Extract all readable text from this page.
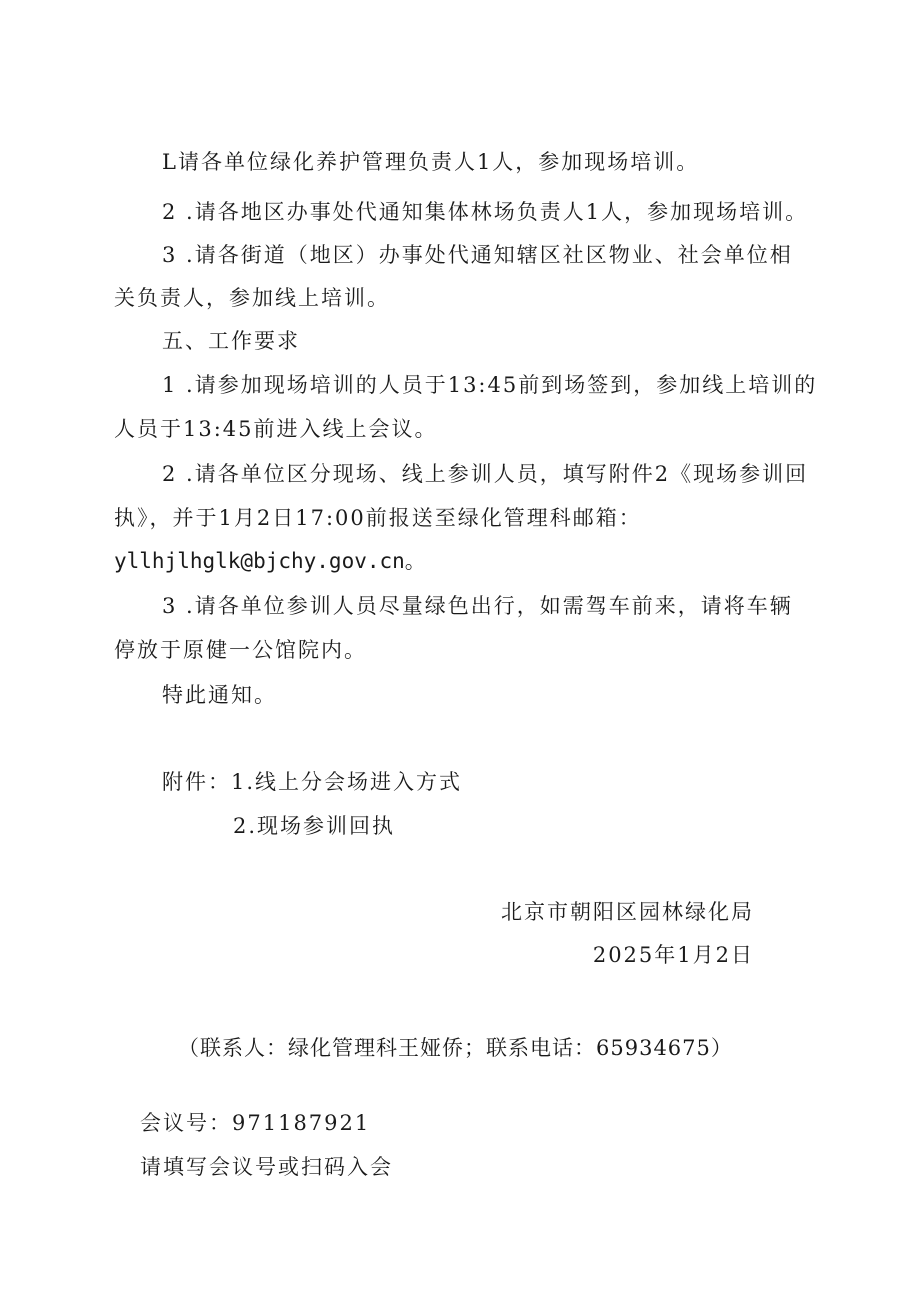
L请各单位绿化养护管理负责人1人，参加现场培训。
2 .请各地区办事处代通知集体林场负责人1人，参加现场培训。
3 .请各街道（地区）办事处代通知辖区社区物业、社会单位相
关负责人，参加线上培训。
五、工作要求
1 .请参加现场培训的人员于13:45前到场签到，参加线上培训的
人员于13:45前进入线上会议。
2 .请各单位区分现场、线上参训人员，填写附件2《现场参训回
执》，并于1月2日17:00前报送至绿化管理科邮箱：
yllhjlhglk@bjchy.gov.cn。
3 .请各单位参训人员尽量绿色出行，如需驾车前来，请将车辆
停放于原健一公馆院内。
特此通知。
附件：1.线上分会场进入方式
2.现场参训回执
北京市朝阳区园林绿化局
2025年1月2日
（联系人：绿化管理科王娅侨；联系电话：65934675）
会议号：971187921
请填写会议号或扫码入会
